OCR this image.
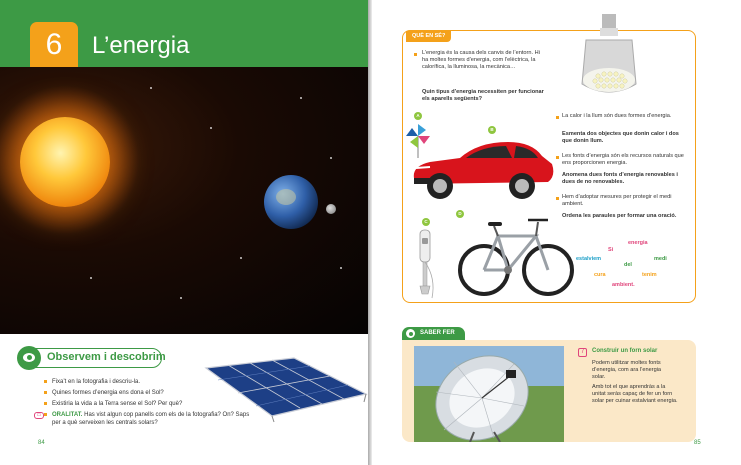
6	L’energia
Observem i descobrim
Fixa’t en la fotografia i descriu-la.
Quines formes d’energia ens dona el Sol?
Existiria la vida a la Terra sense el Sol? Per què?
ORALITAT. Has vist algun cop panells com els de la fotografia? On? Saps per a què serveixen les centrals solars?
▭
84
QUÈ EN SÉ?
L’energia és la causa dels canvis de l’entorn. Hi ha moltes formes d’energia, com l’elèctrica, la calorífica, la lluminosa, la mecànica…
Quin tipus d’energia necessiten per funcionar els aparells següents?
La calor i la llum són dues formes d’energia.
Esmenta dos objectes que donin calor i dos que donin llum.
Les fonts d’energia són els recursos naturals que ens proporcionen energia.
Anomena dues fonts d’energia renovables i dues de no renovables.
Hem d’adoptar mesures per protegir el medi ambient.
Ordena les paraules per formar una oració.
A
B
C
D
Si
energia
estalviem	medi
del
cura	tenim
ambient.
SABER FER
7	Construir un forn solar
Podem utilitzar moltes fonts d’energia, com ara l’energia solar.
Amb tot el que aprendràs a la unitat seràs capaç de fer un forn solar per cuinar estalviant energia.
85
